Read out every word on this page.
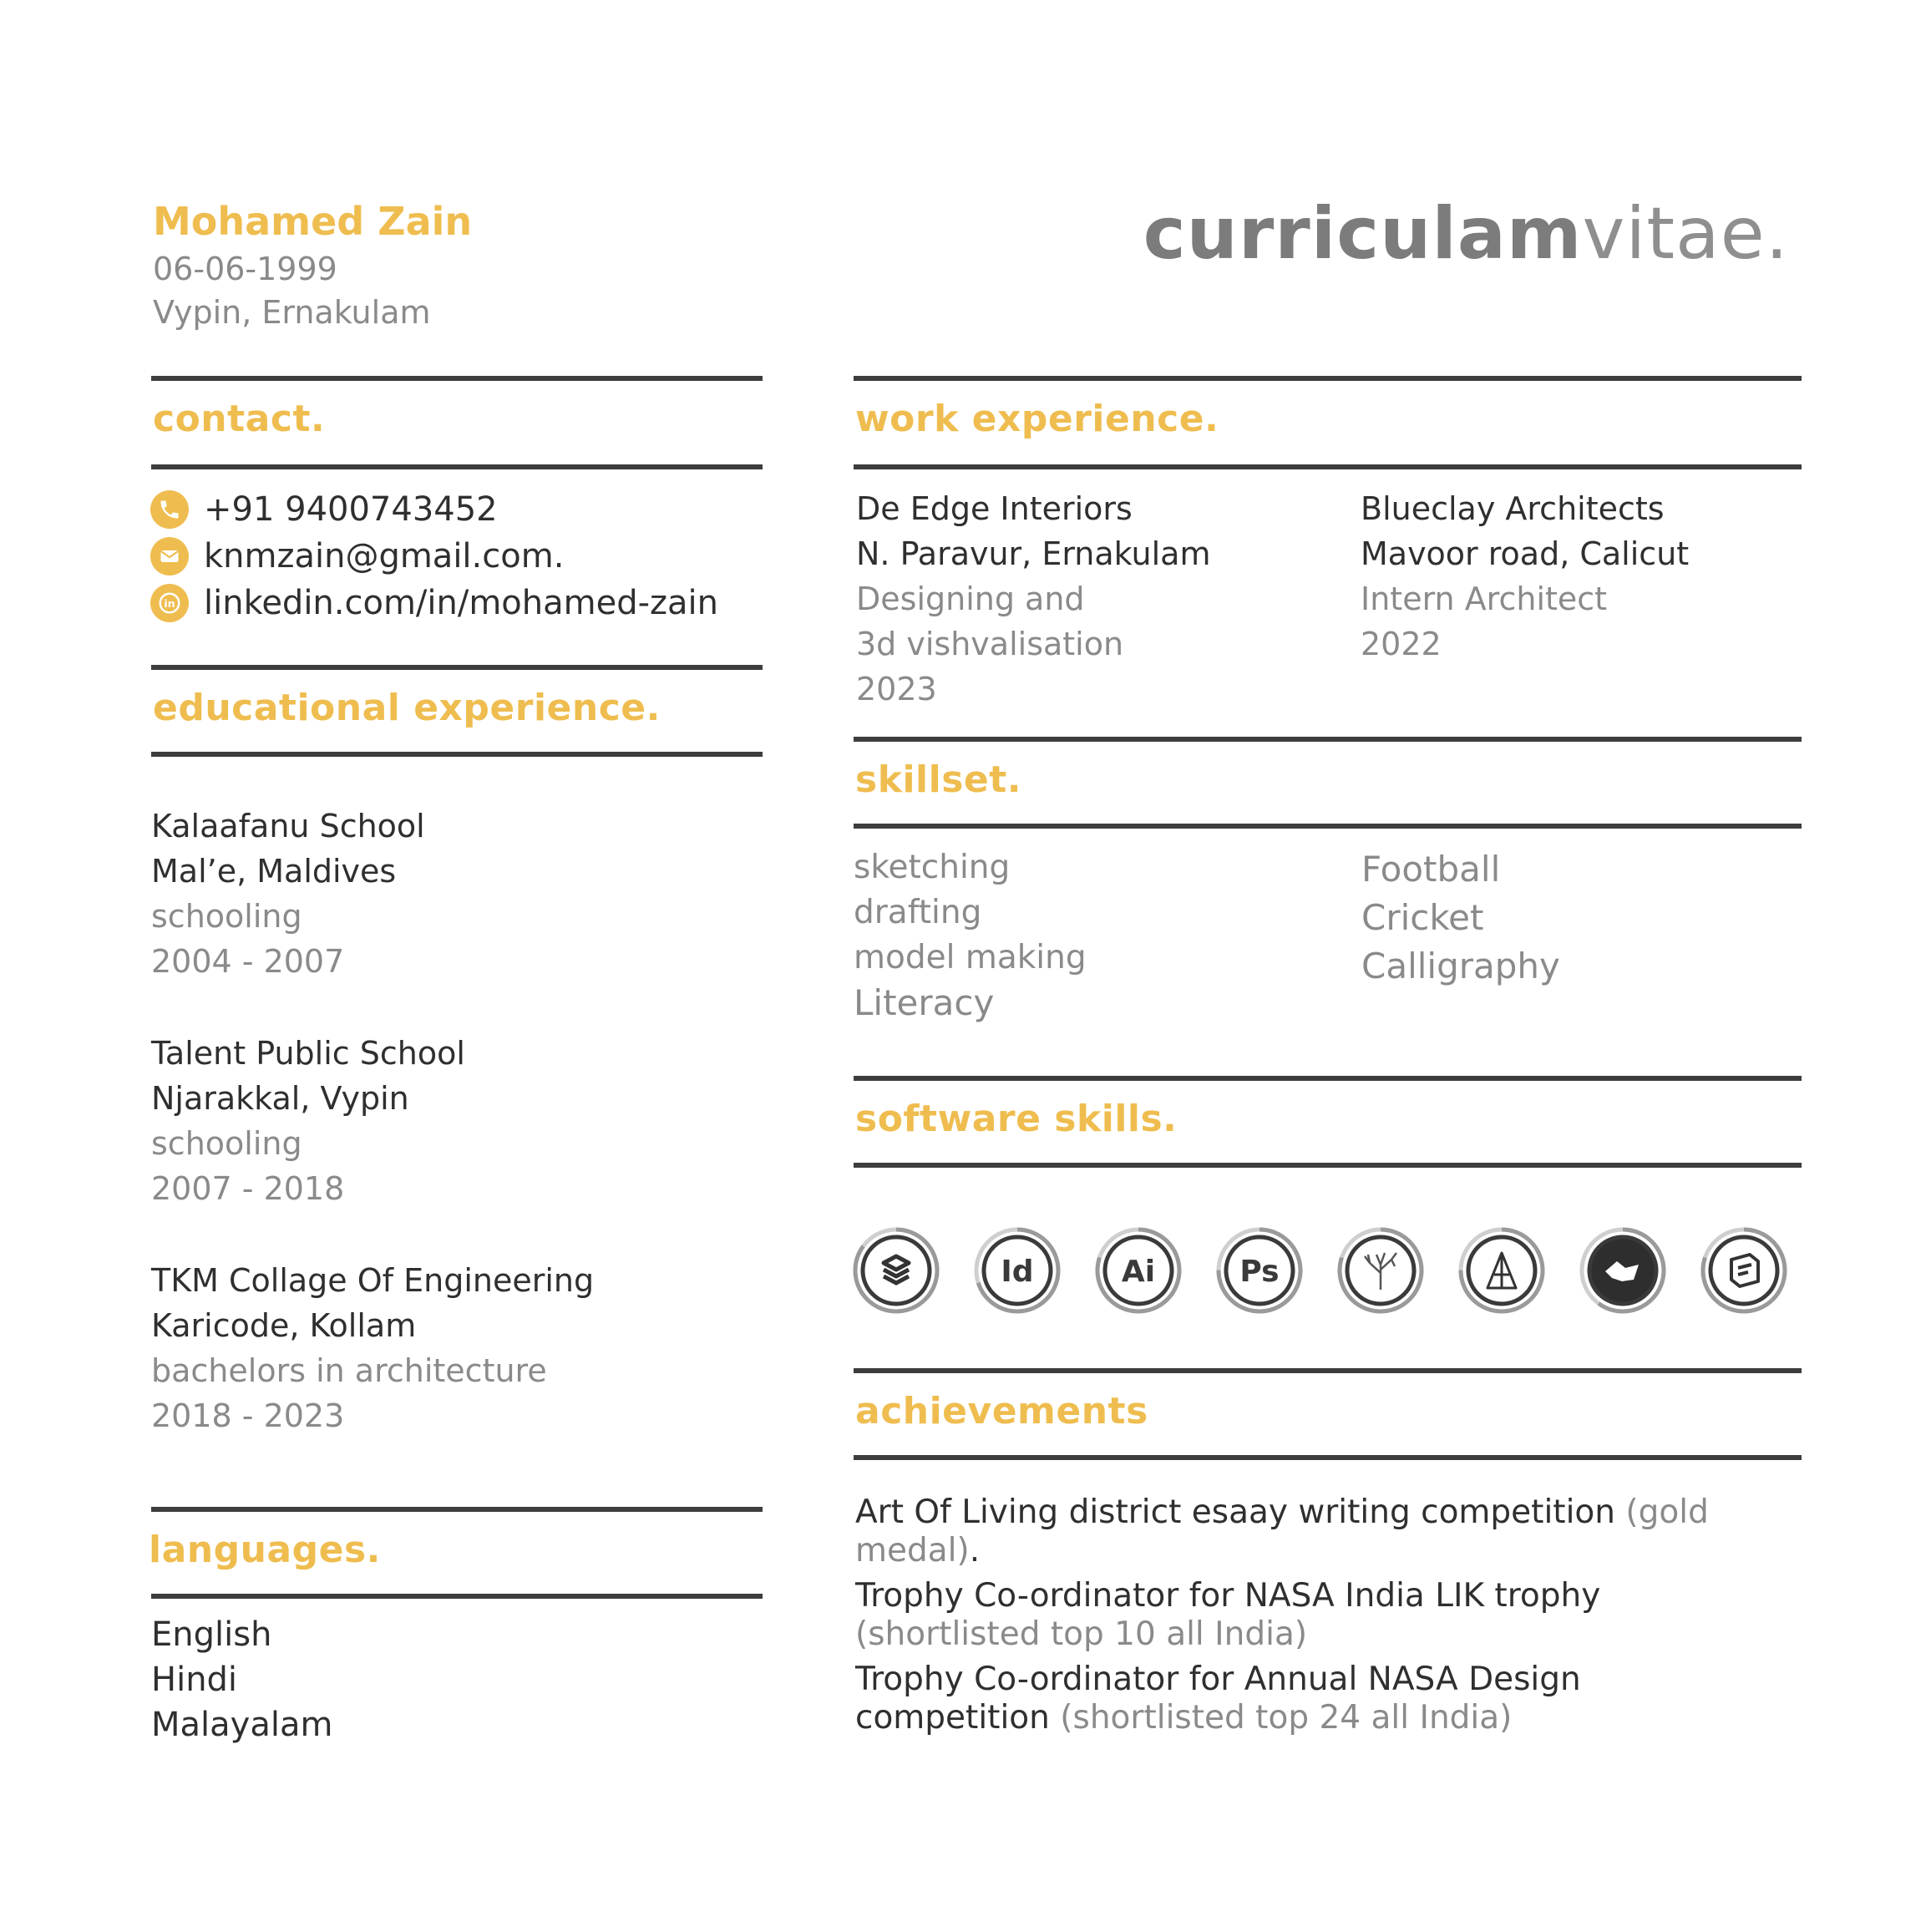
Mohamed Zain
06-06-1999
Vypin, Ernakulam
curriculamvitae.
contact.
+91 9400743452
knmzain@gmail.com.
in linkedin.com/in/mohamed-zain
educational experience.
Kalaafanu School
Mal’e, Maldives
schooling
2004 - 2007
Talent Public School
Njarakkal, Vypin
schooling
2007 - 2018
TKM Collage Of Engineering
Karicode, Kollam
bachelors in architecture
2018 - 2023
languages.
English
Hindi
Malayalam
work experience.
De Edge Interiors
N. Paravur, Ernakulam
Designing and
3d vishvalisation
2023
Blueclay Architects
Mavoor road, Calicut
Intern Architect
2022
skillset.
sketching
drafting
model making
Literacy
Football
Cricket
Calligraphy
software skills.
Id	Ai	Ps
achievements
Art Of Living district esaay writing competition (gold medal).
Trophy Co-ordinator for NASA India LIK trophy (shortlisted top 10 all India)
Trophy Co-ordinator for Annual NASA Design competition (shortlisted top 24 all India)
